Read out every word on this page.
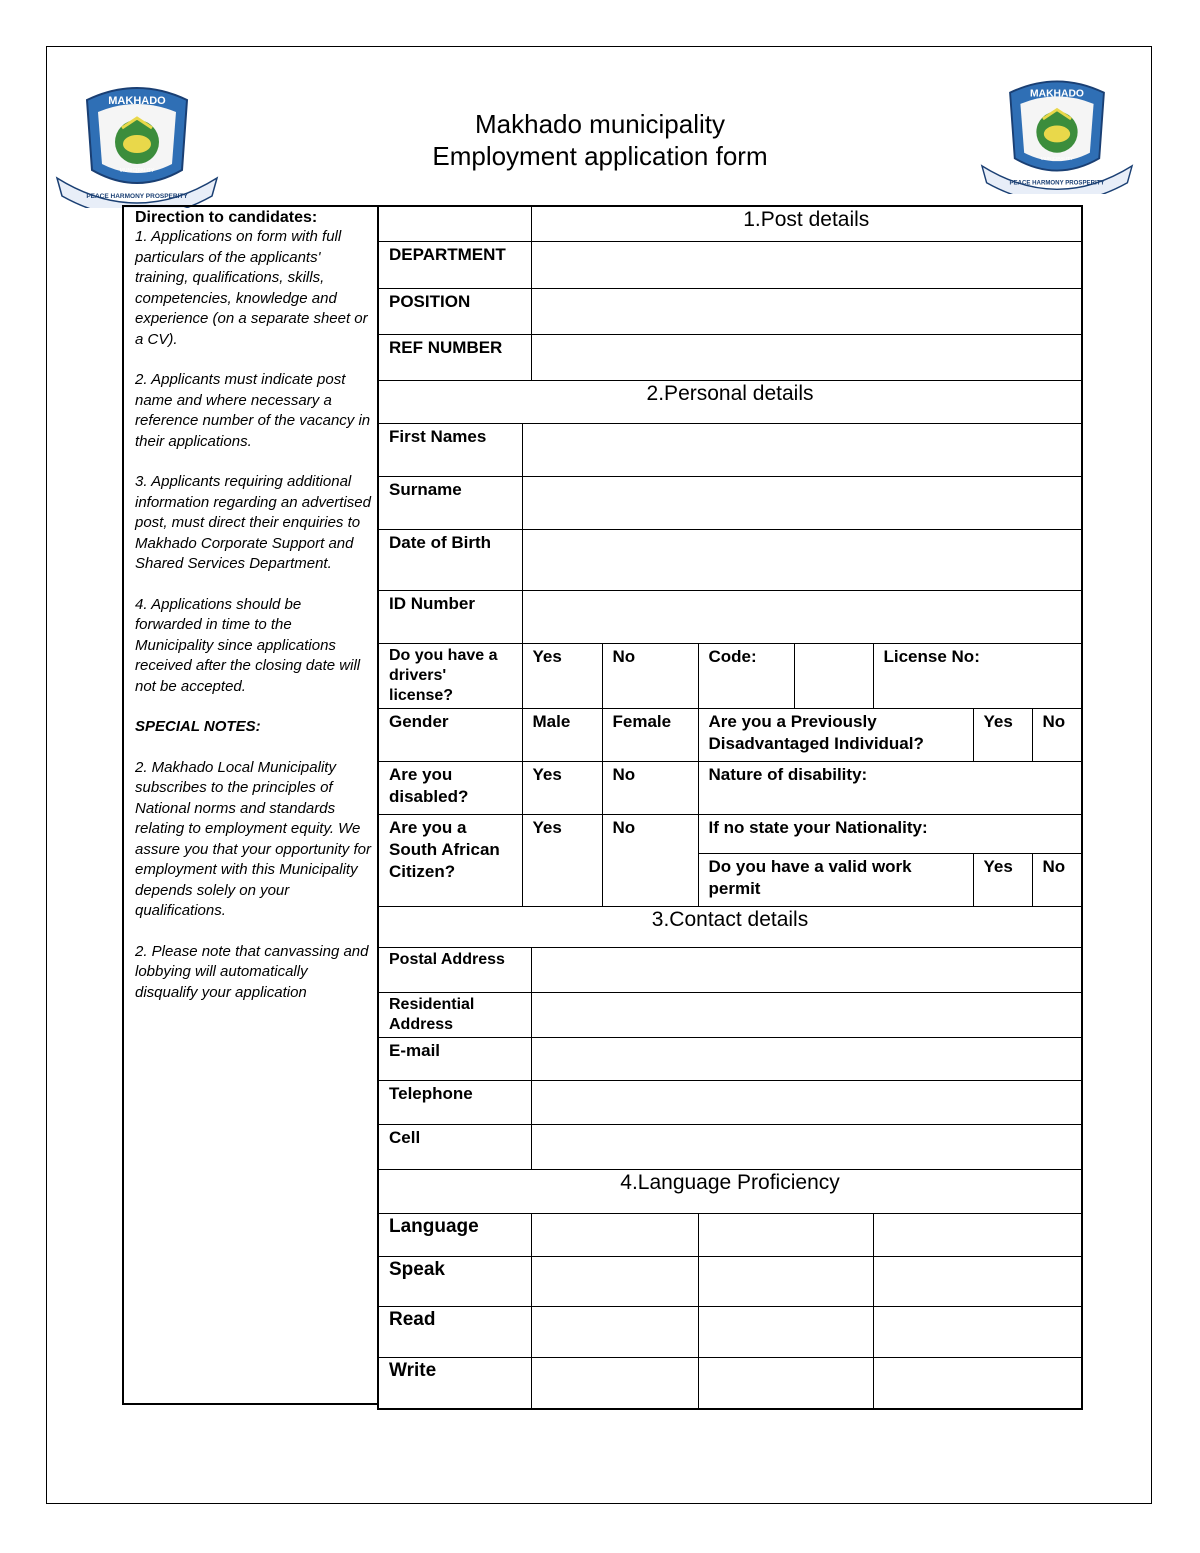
MAKHADO
MUNICIPALITY
PEACE HARMONY PROSPERITY
MAKHADO
MUNICIPALITY
PEACE HARMONY PROSPERITY
Makhado municipality
Employment application form

Direction to candidates:

1. Applications on form with full particulars of the applicants' training, qualifications, skills, competencies, knowledge and experience (on a separate sheet or a CV).

2. Applicants must indicate post name and where necessary a reference number of the vacancy in their applications.

3. Applicants requiring additional information regarding an advertised post, must direct their enquiries to Makhado Corporate Support and Shared Services Department.

4. Applications should be forwarded in time to the Municipality since applications received after the closing date will not be accepted.

SPECIAL NOTES:

2. Makhado Local Municipality subscribes to the principles of National norms and standards relating to employment equity. We assure you that your opportunity for employment with this Municipality depends solely on your qualifications.

2. Please note that canvassing and lobbying will automatically disqualify your application

		1.Post details						
DEPARTMENT								
POSITION								
REF NUMBER								
2.Personal details								
First Names								
Surname								
Date of Birth								
ID Number								
Do you have a drivers' license?	Yes		No	Code:		License No:		
Gender	Male		Female	Are you a Previously Disadvantaged Individual?			Yes	No
Are you disabled?	Yes		No	Nature of disability:				
Are you a South African Citizen?	Yes		No	If no state your Nationality:				
				Do you have a valid work permit			Yes	No
3.Contact details								
Postal Address								
Residential Address								
E-mail								
Telephone								
Cell								
4.Language Proficiency								
Language								
Speak								
Read								
Write								
